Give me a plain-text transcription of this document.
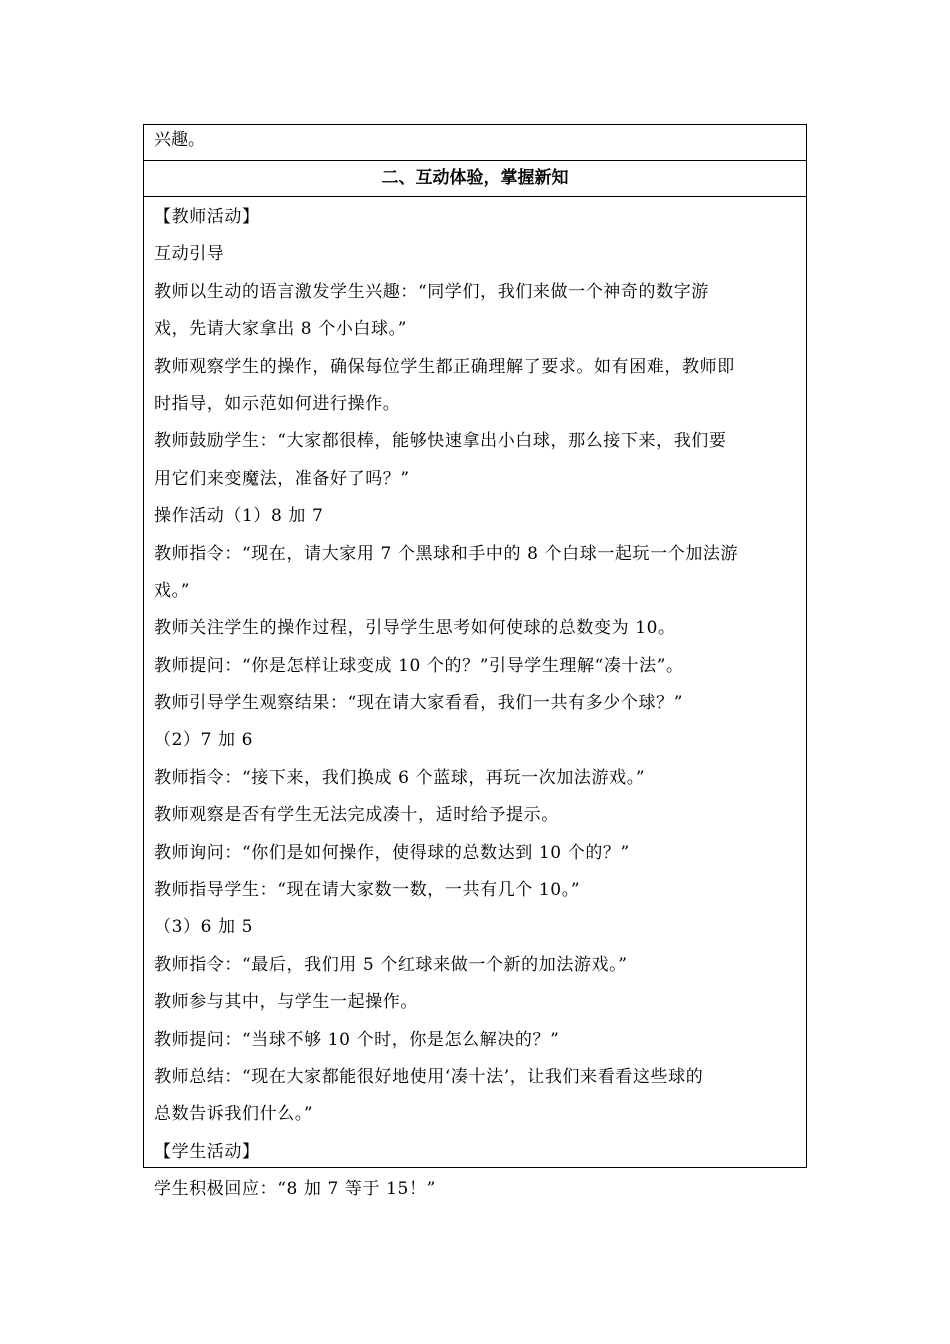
兴趣。
二、互动体验，掌握新知
【教师活动】
互动引导
教师以生动的语言激发学生兴趣：“同学们，我们来做一个神奇的数字游
戏，先请大家拿出 8 个小白球。”
教师观察学生的操作，确保每位学生都正确理解了要求。如有困难，教师即
时指导，如示范如何进行操作。
教师鼓励学生：“大家都很棒，能够快速拿出小白球，那么接下来，我们要
用它们来变魔法，准备好了吗？”
操作活动（1）8 加 7
教师指令：“现在，请大家用 7 个黑球和手中的 8 个白球一起玩一个加法游
戏。”
教师关注学生的操作过程，引导学生思考如何使球的总数变为 10。
教师提问：“你是怎样让球变成 10 个的？”引导学生理解“凑十法”。
教师引导学生观察结果：“现在请大家看看，我们一共有多少个球？”
（2）7 加 6
教师指令：“接下来，我们换成 6 个蓝球，再玩一次加法游戏。”
教师观察是否有学生无法完成凑十，适时给予提示。
教师询问：“你们是如何操作，使得球的总数达到 10 个的？”
教师指导学生：“现在请大家数一数，一共有几个 10。”
（3）6 加 5
教师指令：“最后，我们用 5 个红球来做一个新的加法游戏。”
教师参与其中，与学生一起操作。
教师提问：“当球不够 10 个时，你是怎么解决的？”
教师总结：“现在大家都能很好地使用‘凑十法’，让我们来看看这些球的
总数告诉我们什么。”
【学生活动】
学生积极回应：“8 加 7 等于 15！”
